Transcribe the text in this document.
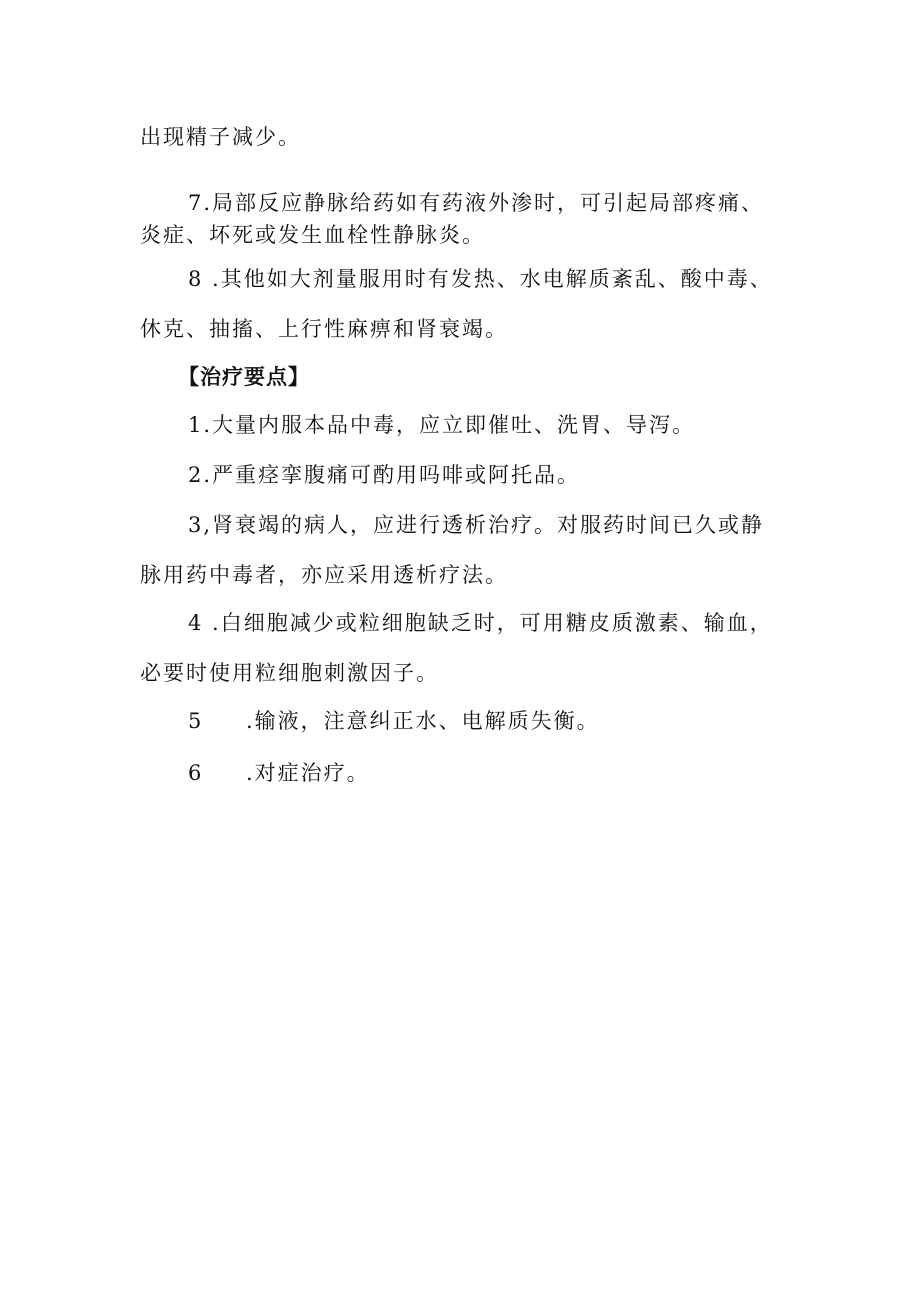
出现精子减少。
7.局部反应静脉给药如有药液外渗时，可引起局部疼痛、
炎症、坏死或发生血栓性静脉炎。
8 .其他如大剂量服用时有发热、水电解质紊乱、酸中毒、
休克、抽搐、上行性麻痹和肾衰竭。
【治疗要点】
1.大量内服本品中毒，应立即催吐、洗胃、导泻。
2.严重痉挛腹痛可酌用吗啡或阿托品。
3,肾衰竭的病人，应进行透析治疗。对服药时间已久或静
脉用药中毒者，亦应采用透析疗法。
4 .白细胞减少或粒细胞缺乏时，可用糖皮质激素、输血，
必要时使用粒细胞刺激因子。
5 .输液，注意纠正水、电解质失衡。
6 .对症治疗。
